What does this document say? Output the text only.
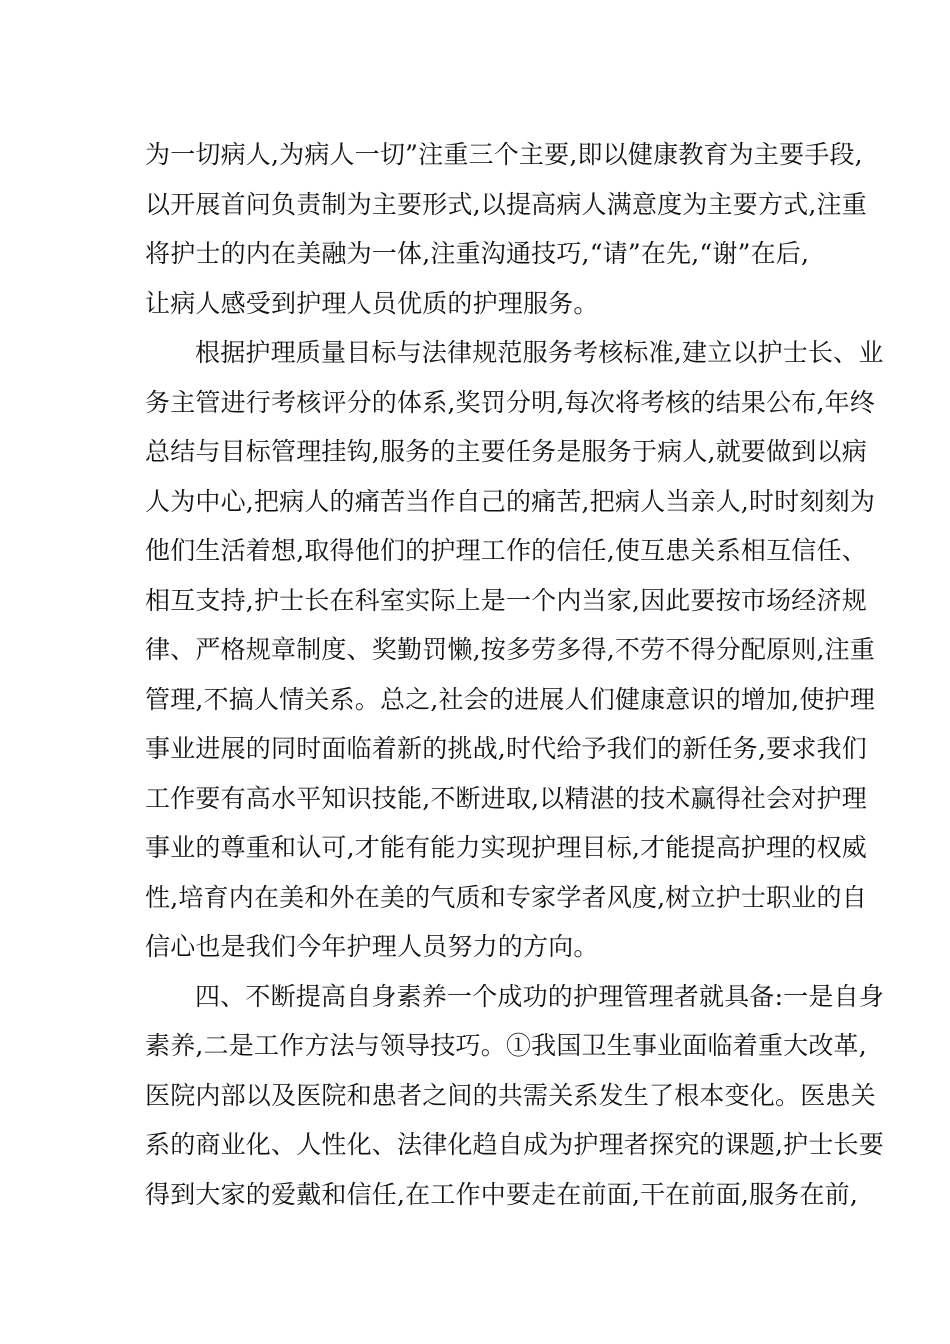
为一切病人,为病人一切”注重三个主要,即以健康教育为主要手段,
以开展首问负责制为主要形式,以提高病人满意度为主要方式,注重
将护士的内在美融为一体,注重沟通技巧,“请”在先,“谢”在后,
让病人感受到护理人员优质的护理服务。
根据护理质量目标与法律规范服务考核标准,建立以护士长、业
务主管进行考核评分的体系,奖罚分明,每次将考核的结果公布,年终
总结与目标管理挂钩,服务的主要任务是服务于病人,就要做到以病
人为中心,把病人的痛苦当作自己的痛苦,把病人当亲人,时时刻刻为
他们生活着想,取得他们的护理工作的信任,使互患关系相互信任、
相互支持,护士长在科室实际上是一个内当家,因此要按市场经济规
律、严格规章制度、奖勤罚懒,按多劳多得,不劳不得分配原则,注重
管理,不搞人情关系。总之,社会的进展人们健康意识的增加,使护理
事业进展的同时面临着新的挑战,时代给予我们的新任务,要求我们
工作要有高水平知识技能,不断进取,以精湛的技术赢得社会对护理
事业的尊重和认可,才能有能力实现护理目标,才能提高护理的权威
性,培育内在美和外在美的气质和专家学者风度,树立护士职业的自
信心也是我们今年护理人员努力的方向。
四、不断提高自身素养一个成功的护理管理者就具备:一是自身
素养,二是工作方法与领导技巧。①我国卫生事业面临着重大改革,
医院内部以及医院和患者之间的共需关系发生了根本变化。医患关
系的商业化、人性化、法律化趋自成为护理者探究的课题,护士长要
得到大家的爱戴和信任,在工作中要走在前面,干在前面,服务在前,
